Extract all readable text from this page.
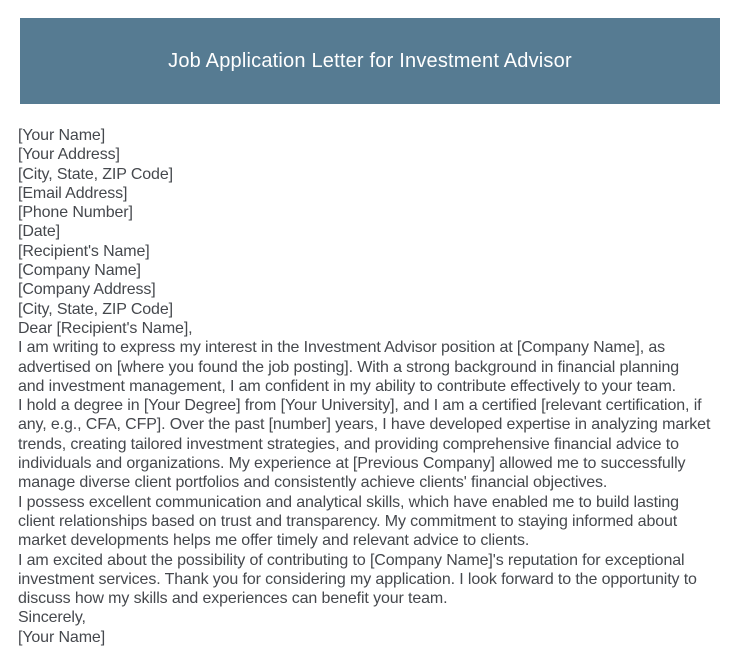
Job Application Letter for Investment Advisor
[Your Name]
[Your Address]
[City, State, ZIP Code]
[Email Address]
[Phone Number]
[Date]
[Recipient's Name]
[Company Name]
[Company Address]
[City, State, ZIP Code]
Dear [Recipient's Name],
I am writing to express my interest in the Investment Advisor position at [Company Name], as
advertised on [where you found the job posting]. With a strong background in financial planning
and investment management, I am confident in my ability to contribute effectively to your team.
I hold a degree in [Your Degree] from [Your University], and I am a certified [relevant certification, if
any, e.g., CFA, CFP]. Over the past [number] years, I have developed expertise in analyzing market
trends, creating tailored investment strategies, and providing comprehensive financial advice to
individuals and organizations. My experience at [Previous Company] allowed me to successfully
manage diverse client portfolios and consistently achieve clients' financial objectives.
I possess excellent communication and analytical skills, which have enabled me to build lasting
client relationships based on trust and transparency. My commitment to staying informed about
market developments helps me offer timely and relevant advice to clients.
I am excited about the possibility of contributing to [Company Name]'s reputation for exceptional
investment services. Thank you for considering my application. I look forward to the opportunity to
discuss how my skills and experiences can benefit your team.
Sincerely,
[Your Name]
